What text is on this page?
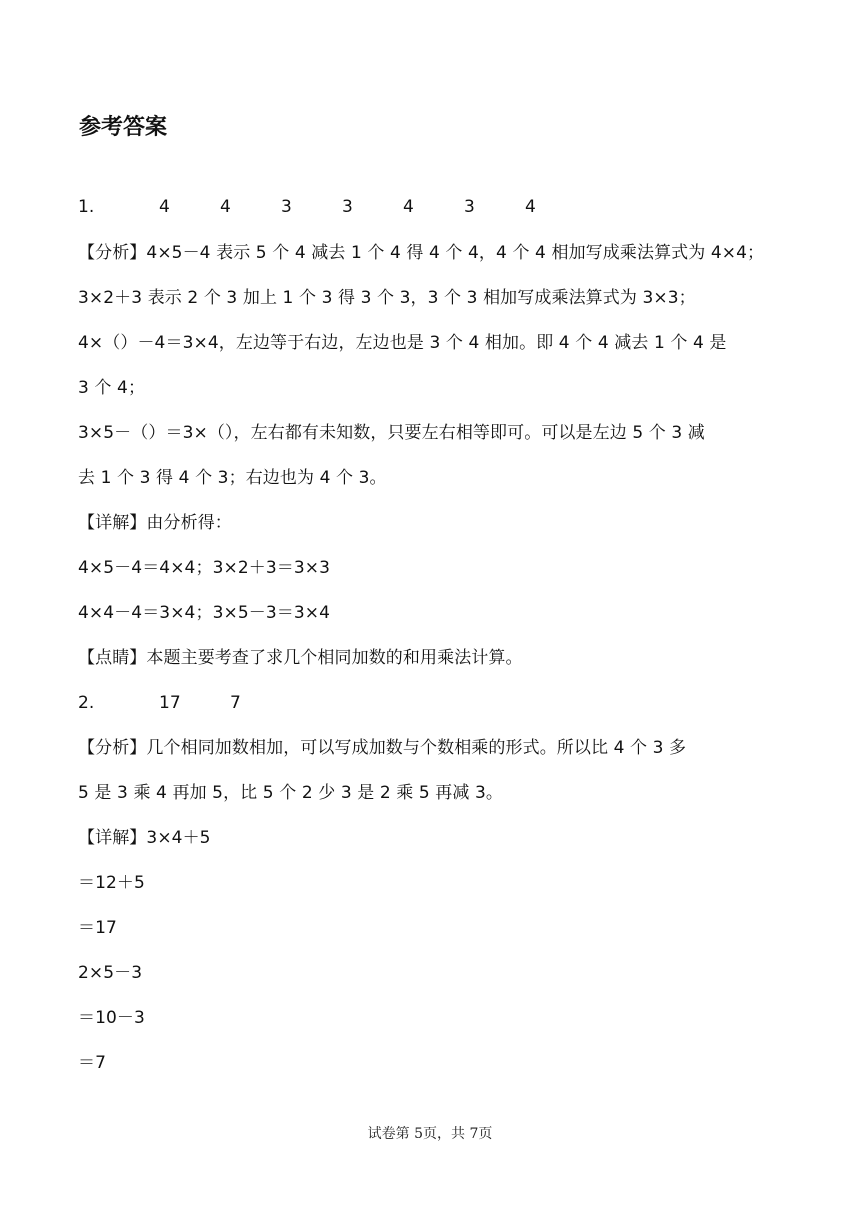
参考答案
1.	4	4	3	3	4	3	4
【分析】4×5－4 表示 5 个 4 减去 1 个 4 得 4 个 4，4 个 4 相加写成乘法算式为 4×4；
3×2＋3 表示 2 个 3 加上 1 个 3 得 3 个 3，3 个 3 相加写成乘法算式为 3×3；
4×（）－4＝3×4，左边等于右边，左边也是 3 个 4 相加。即 4 个 4 减去 1 个 4 是
3 个 4；
3×5－（）＝3×（），左右都有未知数，只要左右相等即可。可以是左边 5 个 3 减
去 1 个 3 得 4 个 3；右边也为 4 个 3。
【详解】由分析得：
4×5－4＝4×4；3×2＋3＝3×3
4×4－4＝3×4；3×5－3＝3×4
【点睛】本题主要考查了求几个相同加数的和用乘法计算。
2.	17	7
【分析】几个相同加数相加，可以写成加数与个数相乘的形式。所以比 4 个 3 多
5 是 3 乘 4 再加 5，比 5 个 2 少 3 是 2 乘 5 再减 3。
【详解】3×4＋5
＝12＋5
＝17
2×5－3
＝10－3
＝7
试卷第 5页，共 7页
